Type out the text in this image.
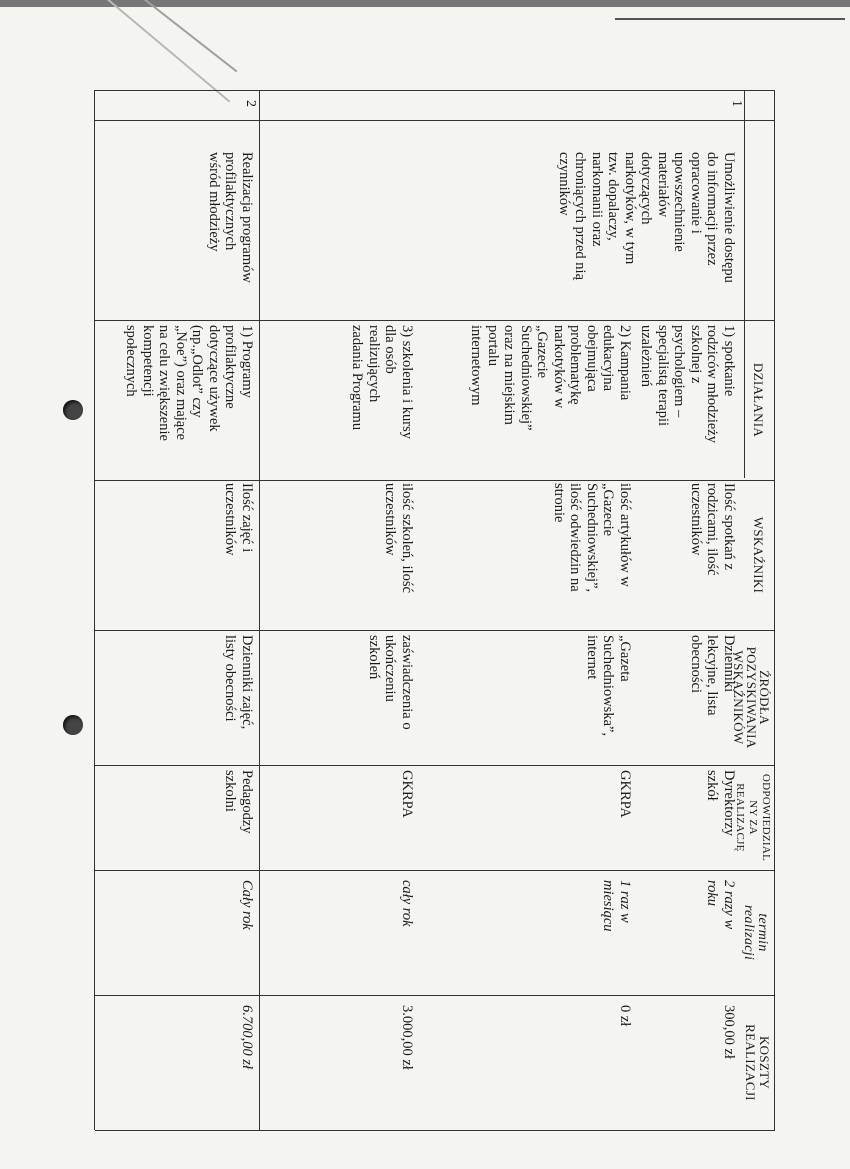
DZIAŁANIA
WSKAŹNIKI
ŹRÓDŁA
POZYSKIWANIA
WSKAŹNIKÓW
ODPOWIEDZIAL
NY ZA
REALIZACJĘ
termin
realizacji
KOSZTY
REALIZACJI
1
2
Umożliwienie dostępu
do informacji przez
opracowanie i
upowszechnienie
materiałów
dotyczących
narkotyków, w tym
tzw. dopalaczy,
narkomanii oraz
chroniących przed nią
czynników
1) spotkanie
rodziców młodzieży
szkolnej z
psychologiem –
specjalistą terapii
uzależnień
Ilość spotkań z
rodzicami, ilość
uczestników
Dzienniki
lekcyjne, lista
obecności
Dyrektorzy
szkół
2 razy w
roku
300,00 zł
2) Kampania
edukacyjna
obejmująca
problematykę
narkotyków w
„Gazecie
Suchedniowskiej”
oraz na miejskim
portalu
internetowym
ilość artykułów w
„Gazecie
Suchedniowskiej”,
ilość odwiedzin na
stronie
„Gazeta
Suchedniowska”,
internet
GKRPA
1 raz w
miesiącu
0 zł
3) szkolenia i kursy
dla osób
realizujących
zadania Programu
ilość szkoleń, ilość
uczestników
zaświadczenia o
ukończeniu
szkoleń
GKRPA
cały rok
3.000,00 zł
Realizacja programów
profilaktycznych
wśród młodzieży
1) Programy
profilaktyczne
dotyczące używek
(np.„Odlot” czy
„Noe”) oraz mające
na celu zwiększenie
kompetencji
społecznych
Ilość zajęć i
uczestników
Dzienniki zajęć,
listy obecności
Pedagodzy
szkolni
Cały rok
6.700,00 zł
